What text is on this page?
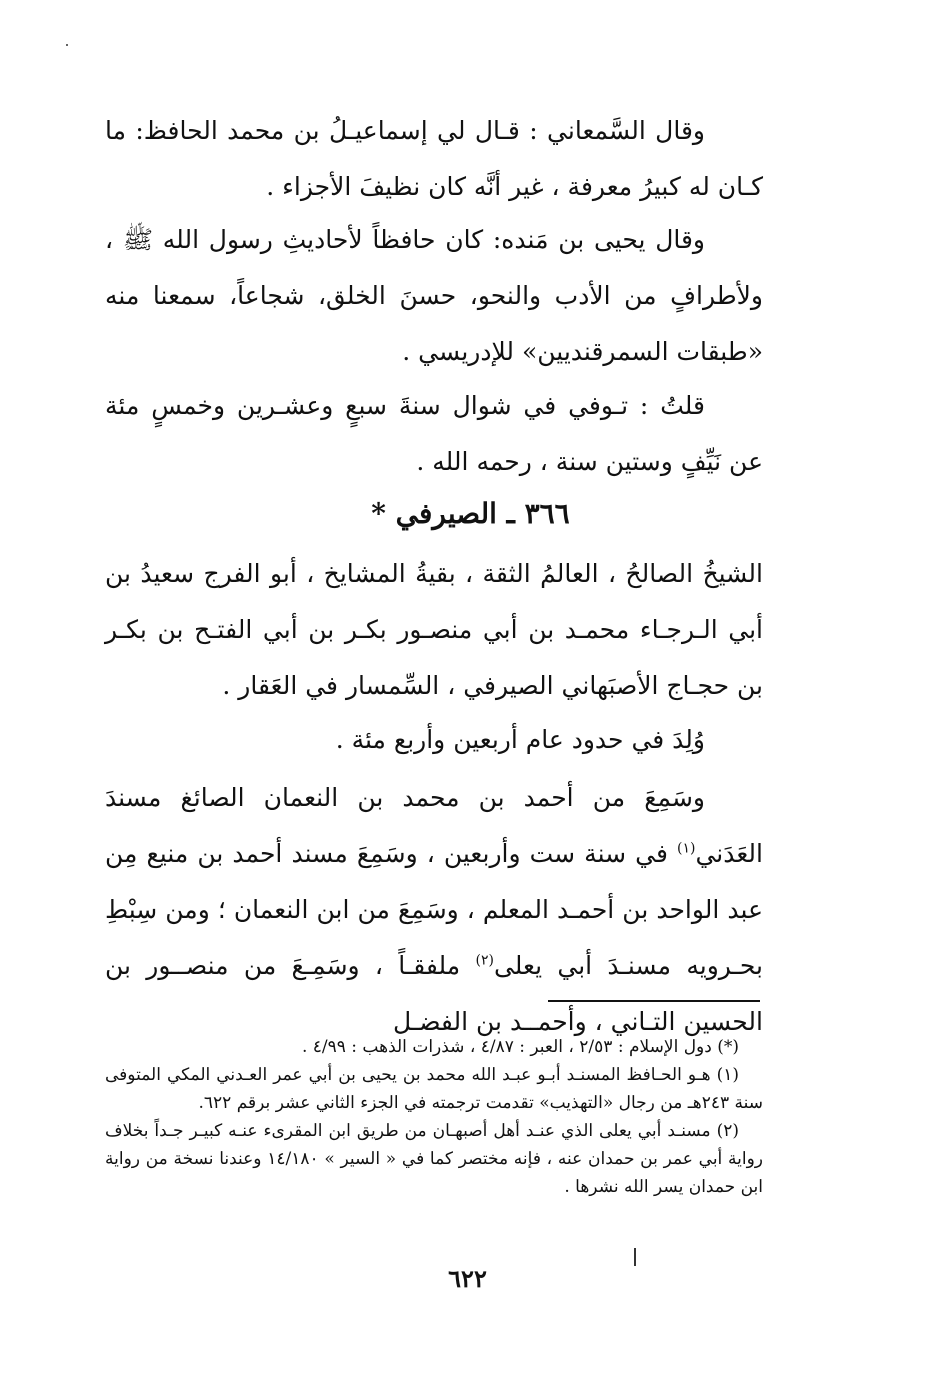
وقال السَّمعاني : قـال لي إسماعيـلُ بن محمد الحافظ: ما كـان له كبيرُ معرفة ، غير أنَّه كان نظيفَ الأجزاء .
وقال يحيى بن مَنده: كان حافظاً لأحاديثِ رسول الله ﷺ ، ولأطرافٍ من الأدب والنحو، حسنَ الخلق، شجاعاً، سمعنا منه «طبقات السمرقنديين» للإدريسي .
قلتُ : تـوفي في شوال سنةَ سبعٍ وعشـرين وخمسٍ مئة عن نَيِّفٍ وستين سنة ، رحمه الله .
٣٦٦ ـ الصيرفي *
الشيخُ الصالحُ ، العالمُ الثقة ، بقيةُ المشايخ ، أبو الفرج سعيدُ بن أبي الـرجـاء محمـد بن أبي منصـور بكـر بن أبي الفتـح بن بكـر بن حجـاج الأصبَهاني الصيرفي ، السِّمسار في العَقار .
وُلِدَ في حدود عام أربعين وأربع مئة .
وسَمِعَ من أحمد بن محمد بن النعمان الصائغ مسندَ العَدَني$^{(١)}$ في سنة ست وأربعين ، وسَمِعَ مسند أحمد بن منيع مِن عبد الواحد بن أحمـد المعلم ، وسَمِعَ من ابن النعمان ؛ ومن سِبْطِ بحـرويه مسنـدَ أبي يعلى$^{(٢)}$ ملفقـاً ، وسَمِـعَ من منصــور بن الحسين التـاني ، وأحمــد بن الفضـل

(*) دول الإسلام : ٢/٥٣ ، العبر : ٤/٨٧ ، شذرات الذهب : ٤/٩٩ .

(١) هـو الحـافظ المسنـد أبـو عبـد الله محمد بن يحيى بن أبي عمر العـدني المكي المتوفى سنة ٢٤٣هـ من رجال «التهذيب» تقدمت ترجمته في الجزء الثاني عشر برقم ٦٢٢.

(٢) مسنـد أبي يعلى الذي عنـد أهل أصبهـان من طريق ابن المقرىء عنـه كبيـر جـداً بخلاف رواية أبي عمر بن حمدان عنه ، فإنه مختصر كما في « السير » ١٤/١٨٠ وعندنا نسخة من رواية ابن حمدان يسر الله نشرها .

٦٢٢
